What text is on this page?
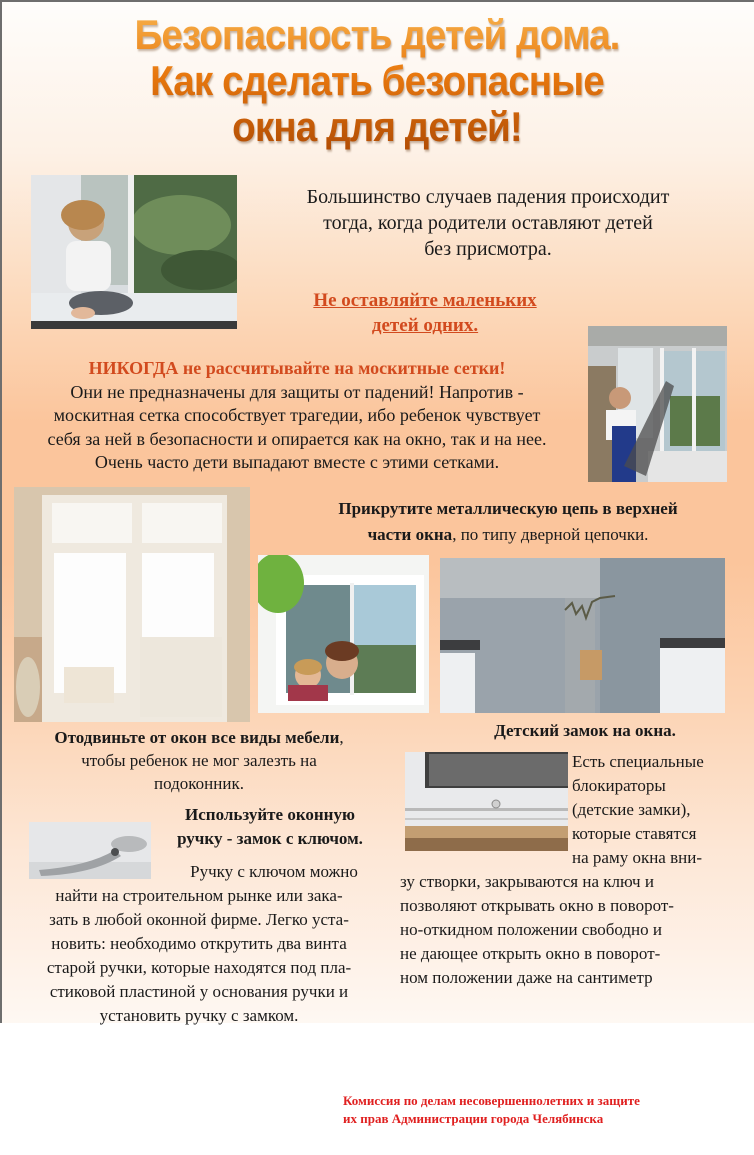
Безопасность детей дома.
Как сделать безопасные
окна для детей!
Большинство случаев падения происходит
тогда, когда родители оставляют детей
без присмотра.
Не оставляйте маленьких
детей одних.
НИКОГДА не рассчитывайте на москитные сетки!
Они не предназначены для защиты от падений! Напротив -
москитная сетка способствует трагедии, ибо ребенок чувствует
себя за ней в безопасности и опирается как на окно, так и на нее.
Очень часто дети выпадают вместе с этими сетками.
Прикрутите металлическую цепь в верхней
части окна, по типу дверной цепочки.
Отодвиньте от окон все виды мебели,
чтобы ребенок не мог залезть на
подоконник.
Детский замок на окна.
Используйте оконную
ручку - замок с ключом.
Ручку с ключом можно
найти на строительном рынке или зака-
зать в любой оконной фирме. Легко уста-
новить: необходимо открутить два винта
старой ручки, которые находятся под пла-
стиковой пластиной у основания ручки и
установить ручку с замком.
Есть специальные
блокираторы
(детские замки),
которые ставятся
на раму окна вни-
зу створки, закрываются на ключ и
позволяют открывать окно в поворот-
но-откидном положении свободно и
не дающее открыть окно в поворот-
ном положении даже на сантиметр
Комиссия по делам несовершеннолетних и защите
их прав Администрации города Челябинска
